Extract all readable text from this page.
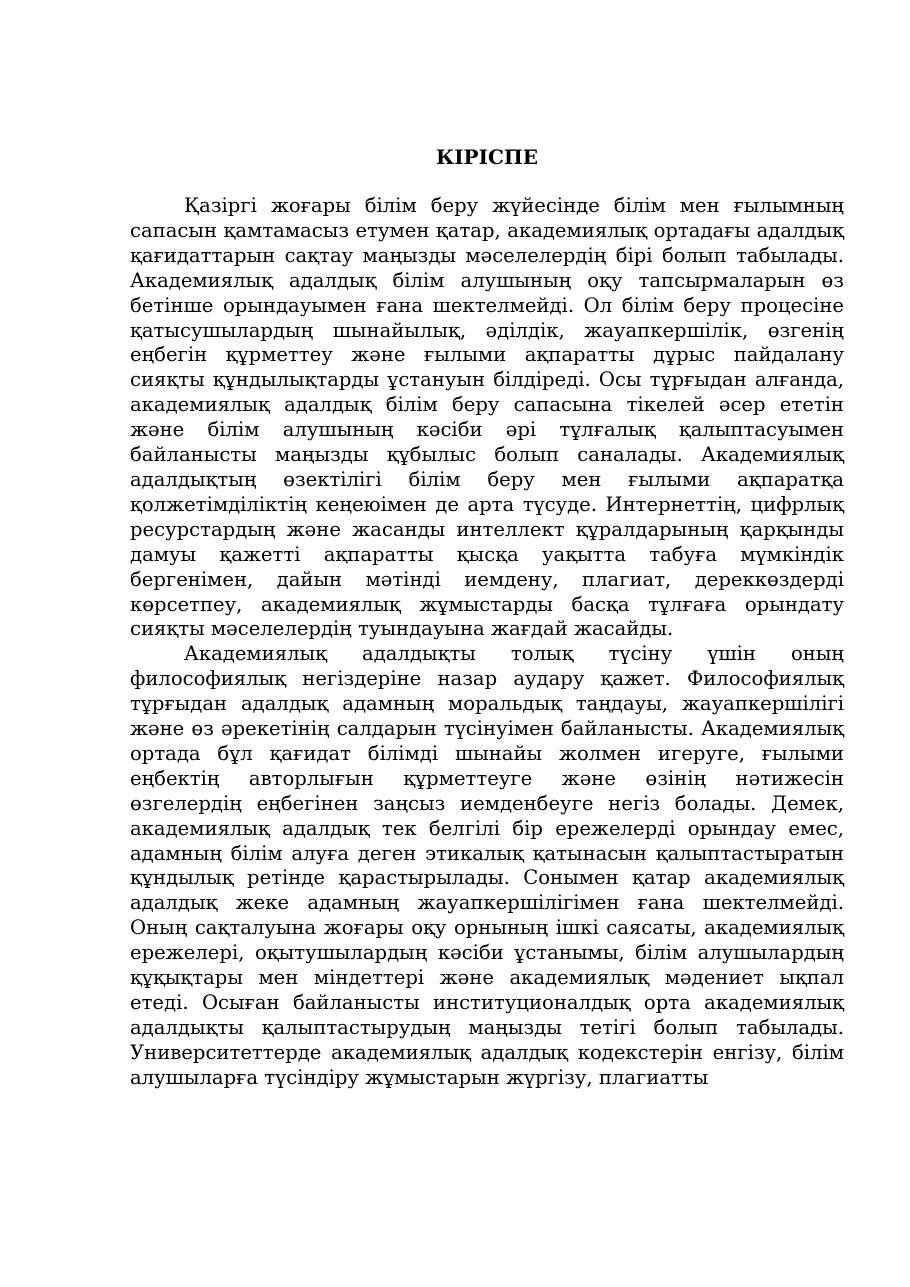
КІРІСПЕ

Қазіргі жоғары білім беру жүйесінде білім мен ғылымның сапасын қамтамасыз етумен қатар, академиялық ортадағы адалдық қағидаттарын сақтау маңызды мәселелердің бірі болып табылады. Академиялық адалдық білім алушының оқу тапсырмаларын өз бетінше орындауымен ғана шектелмейді. Ол білім беру процесіне қатысушылардың шынайылық, әділдік, жауапкершілік, өзгенің еңбегін құрметтеу және ғылыми ақпаратты дұрыс пайдалану сияқты құндылықтарды ұстануын білдіреді. Осы тұрғыдан алғанда, академиялық адалдық білім беру сапасына тікелей әсер ететін және білім алушының кәсіби әрі тұлғалық қалыптасуымен байланысты маңызды құбылыс болып саналады. Академиялық адалдықтың өзектілігі білім беру мен ғылыми ақпаратқа қолжетімділіктің кеңеюімен де арта түсуде. Интернеттің, цифрлық ресурстардың және жасанды интеллект құралдарының қарқынды дамуы қажетті ақпаратты қысқа уақытта табуға мүмкіндік бергенімен, дайын мәтінді иемдену, плагиат, дереккөздерді көрсетпеу, академиялық жұмыстарды басқа тұлғаға орындату сияқты мәселелердің туындауына жағдай жасайды.

Академиялық адалдықты толық түсіну үшін оның философиялық негіздеріне назар аудару қажет. Философиялық тұрғыдан адалдық адамның моральдық таңдауы, жауапкершілігі және өз әрекетінің салдарын түсінуімен байланысты. Академиялық ортада бұл қағидат білімді шынайы жолмен игеруге, ғылыми еңбектің авторлығын құрметтеуге және өзінің нәтижесін өзгелердің еңбегінен заңсыз иемденбеуге негіз болады. Демек, академиялық адалдық тек белгілі бір ережелерді орындау емес, адамның білім алуға деген этикалық қатынасын қалыптастыратын құндылық ретінде қарастырылады. Сонымен қатар академиялық адалдық жеке адамның жауапкершілігімен ғана шектелмейді. Оның сақталуына жоғары оқу орнының ішкі саясаты, академиялық ережелері, оқытушылардың кәсіби ұстанымы, білім алушылардың құқықтары мен міндеттері және академиялық мәдениет ықпал етеді. Осыған байланысты институционалдық орта академиялық адалдықты қалыптастырудың маңызды тетігі болып табылады. Университеттерде академиялық адалдық кодекстерін енгізу, білім алушыларға түсіндіру жұмыстарын жүргізу, плагиатты
